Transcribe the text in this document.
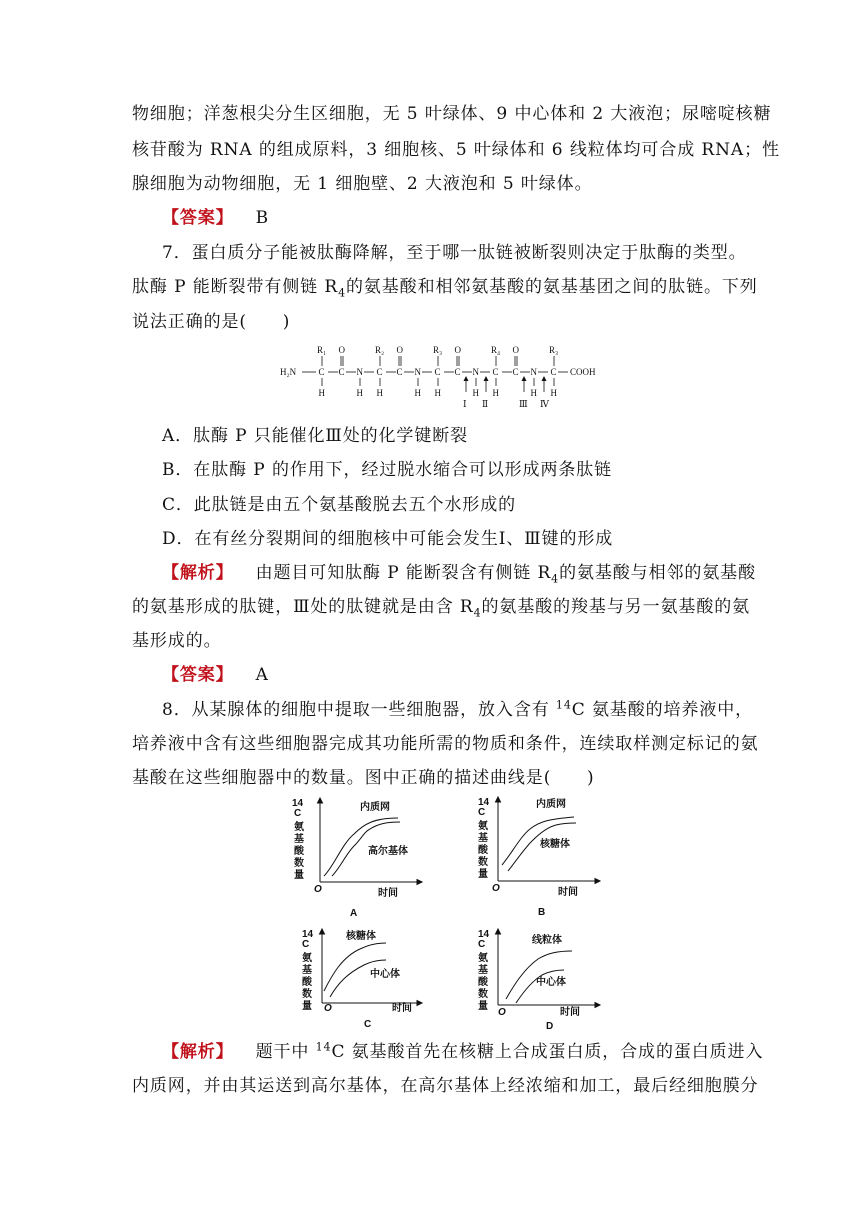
物细胞；洋葱根尖分生区细胞，无 5 叶绿体、9 中心体和 2 大液泡；尿嘧啶核糖
核苷酸为 RNA 的组成原料，3 细胞核、5 叶绿体和 6 线粒体均可合成 RNA；性
腺细胞为动物细胞，无 1 细胞壁、2 大液泡和 5 叶绿体。
【答案】 B
7．蛋白质分子能被肽酶降解，至于哪一肽链被断裂则决定于肽酶的类型。
肽酶 P 能断裂带有侧链 $R_4$的氨基酸和相邻氨基酸的氨基基团之间的肽链。下列
说法正确的是(　　)
H₂N C C N C C N C C N C C N C COOH
R₁	R₂	R₃	R₄	R₃
O	O	O	O
H	H H	H H	H H	H H
Ⅰ Ⅱ	Ⅲ Ⅳ
A．肽酶 P 只能催化Ⅲ处的化学键断裂
B．在肽酶 P 的作用下，经过脱水缩合可以形成两条肽链
C．此肽链是由五个氨基酸脱去五个水形成的
D．在有丝分裂期间的细胞核中可能会发生Ⅰ、Ⅲ键的形成
【解析】 由题目可知肽酶 P 能断裂含有侧链 $R_4$的氨基酸与相邻的氨基酸
的氨基形成的肽键，Ⅲ处的肽键就是由含 $R_4$的氨基酸的羧基与另一氨基酸的氨
基形成的。
【答案】 A
8．从某腺体的细胞中提取一些细胞器，放入含有 $^{14}$C 氨基酸的培养液中，
培养液中含有这些细胞器完成其功能所需的物质和条件，连续取样测定标记的氨
基酸在这些细胞器中的数量。图中正确的描述曲线是(　　)
14
C
氨基酸数量
O	时间
A
内质网
高尔基体
14
C
氨基酸数量
O	时间
B
内质网
核糖体
14
C
氨基酸数量 O	时间
C
核糖体
中心体
14
C
氨基酸数量
O	时间
D
线粒体
中心体
【解析】 题干中 $^{14}$C 氨基酸首先在核糖上合成蛋白质，合成的蛋白质进入
内质网，并由其运送到高尔基体，在高尔基体上经浓缩和加工，最后经细胞膜分
